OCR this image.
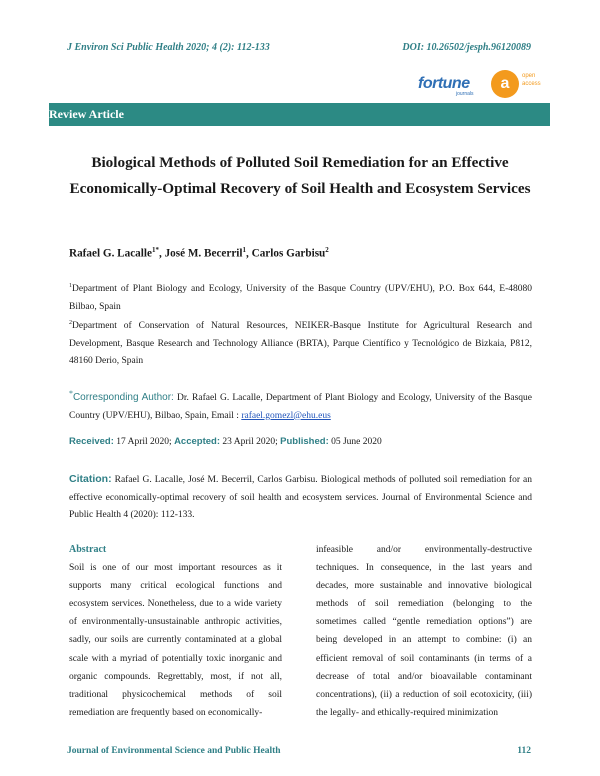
J Environ Sci Public Health 2020; 4 (2): 112-133	DOI: 10.26502/jesph.96120089
fortune
journals
a	open
access
Review Article
Biological Methods of Polluted Soil Remediation for an Effective Economically-Optimal Recovery of Soil Health and Ecosystem Services
Rafael G. Lacalle$^{1*}$, José M. Becerril$^1$, Carlos Garbisu$^2$
$^1$Department of Plant Biology and Ecology, University of the Basque Country (UPV/EHU), P.O. Box 644, E-48080 Bilbao, Spain
$^2$Department of Conservation of Natural Resources, NEIKER-Basque Institute for Agricultural Research and Development, Basque Research and Technology Alliance (BRTA), Parque Científico y Tecnológico de Bizkaia, P812, 48160 Derio, Spain
*Corresponding Author: Dr. Rafael G. Lacalle, Department of Plant Biology and Ecology, University of the Basque Country (UPV/EHU), Bilbao, Spain, Email : rafael.gomezl@ehu.eus
Received: 17 April 2020; Accepted: 23 April 2020; Published: 05 June 2020
Citation: Rafael G. Lacalle, José M. Becerril, Carlos Garbisu. Biological methods of polluted soil remediation for an effective economically-optimal recovery of soil health and ecosystem services. Journal of Environmental Science and Public Health 4 (2020): 112-133.
Abstract
Soil is one of our most important resources as it supports many critical ecological functions and ecosystem services. Nonetheless, due to a wide variety of environmentally-unsustainable anthropic activities, sadly, our soils are currently contaminated at a global scale with a myriad of potentially toxic inorganic and organic compounds. Regrettably, most, if not all, traditional physicochemical methods of soil remediation are frequently based on economically-
infeasible and/or environmentally-destructive techniques. In consequence, in the last years and decades, more sustainable and innovative biological methods of soil remediation (belonging to the sometimes called “gentle remediation options”) are being developed in an attempt to combine: (i) an efficient removal of soil contaminants (in terms of a decrease of total and/or bioavailable contaminant concentrations), (ii) a reduction of soil ecotoxicity, (iii) the legally- and ethically-required minimization
Journal of Environmental Science and Public Health	112
